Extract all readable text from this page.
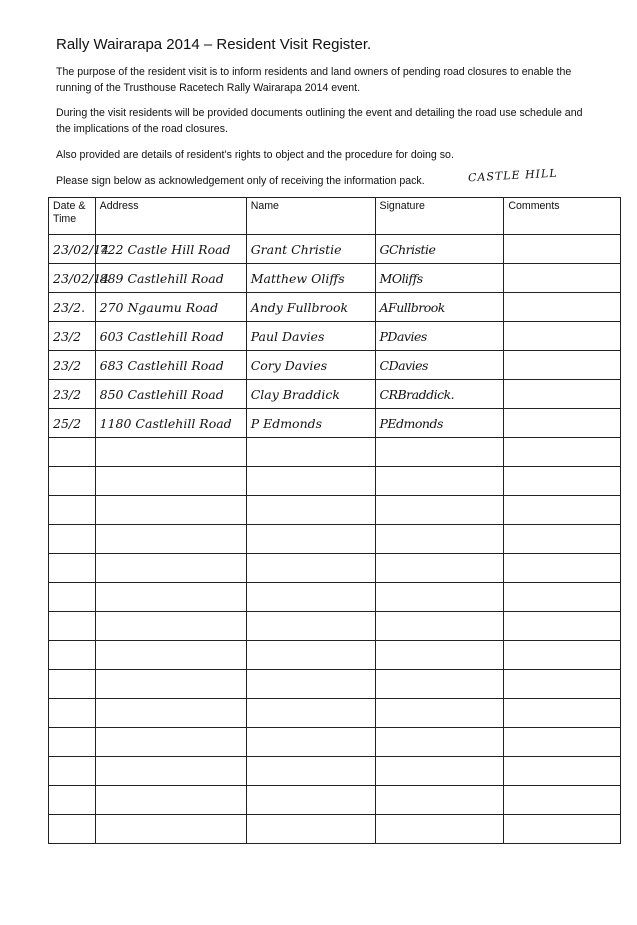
Rally Wairarapa 2014 – Resident Visit Register.
The purpose of the resident visit is to inform residents and land owners of pending road closures to enable the running of the Trusthouse Racetech Rally Wairarapa 2014 event.
During the visit residents will be provided documents outlining the event and detailing the road use schedule and the implications of the road closures.
Also provided are details of resident’s rights to object and the procedure for doing so.
Please sign below as acknowledgement only of receiving the information pack.	CASTLE HILL
Date & Time	Address	Name	Signature	Comments
23/02/14	722 Castle Hill Road	Grant Christie	GChristie	
23/02/14	889 Castlehill Road	Matthew Oliffs	MOliffs	
23/2.	270 Ngaumu Road	Andy Fullbrook	AFullbrook	
23/2	603 Castlehill Road	Paul Davies	PDavies	
23/2	683 Castlehill Road	Cory Davies	CDavies	
23/2	850 Castlehill Road	Clay Braddick	CRBraddick.	
25/2	1180 Castlehill Road	P Edmonds	PEdmonds	
